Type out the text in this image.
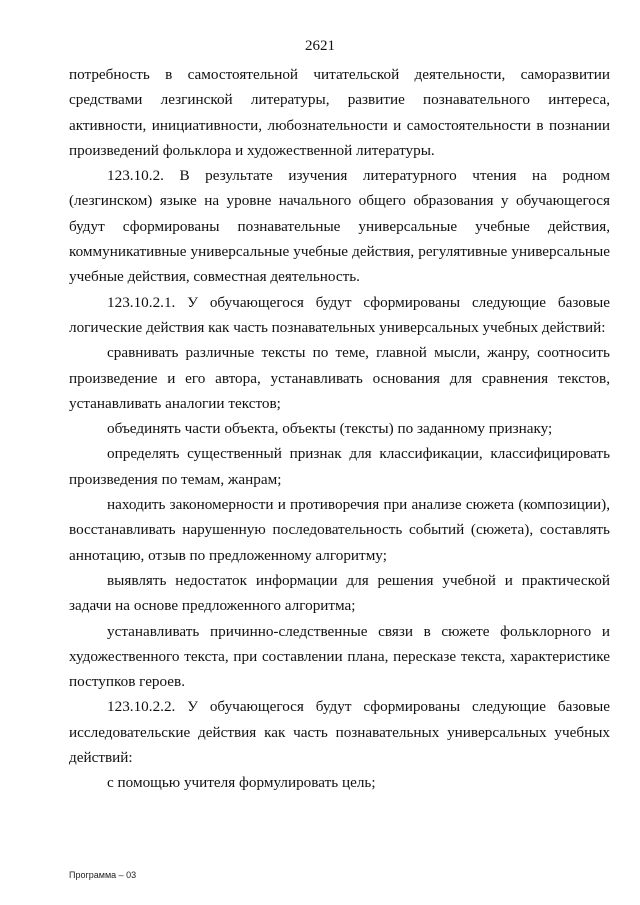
2621

потребность в самостоятельной читательской деятельности, саморазвитии средствами лезгинской литературы, развитие познавательного интереса, активности, инициативности, любознательности и самостоятельности в познании произведений фольклора и художественной литературы.

123.10.2. В результате изучения литературного чтения на родном (лезгинском) языке на уровне начального общего образования у обучающегося будут сформированы познавательные универсальные учебные действия, коммуникативные универсальные учебные действия, регулятивные универсальные учебные действия, совместная деятельность.

123.10.2.1. У обучающегося будут сформированы следующие базовые логические действия как часть познавательных универсальных учебных действий:

сравнивать различные тексты по теме, главной мысли, жанру, соотносить произведение и его автора, устанавливать основания для сравнения текстов, устанавливать аналогии текстов;

объединять части объекта, объекты (тексты) по заданному признаку;

определять существенный признак для классификации, классифицировать произведения по темам, жанрам;

находить закономерности и противоречия при анализе сюжета (композиции), восстанавливать нарушенную последовательность событий (сюжета), составлять аннотацию, отзыв по предложенному алгоритму;

выявлять недостаток информации для решения учебной и практической задачи на основе предложенного алгоритма;

устанавливать причинно-следственные связи в сюжете фольклорного и художественного текста, при составлении плана, пересказе текста, характеристике поступков героев.

123.10.2.2. У обучающегося будут сформированы следующие базовые исследовательские действия как часть познавательных универсальных учебных действий:

с помощью учителя формулировать цель;

Программа – 03
